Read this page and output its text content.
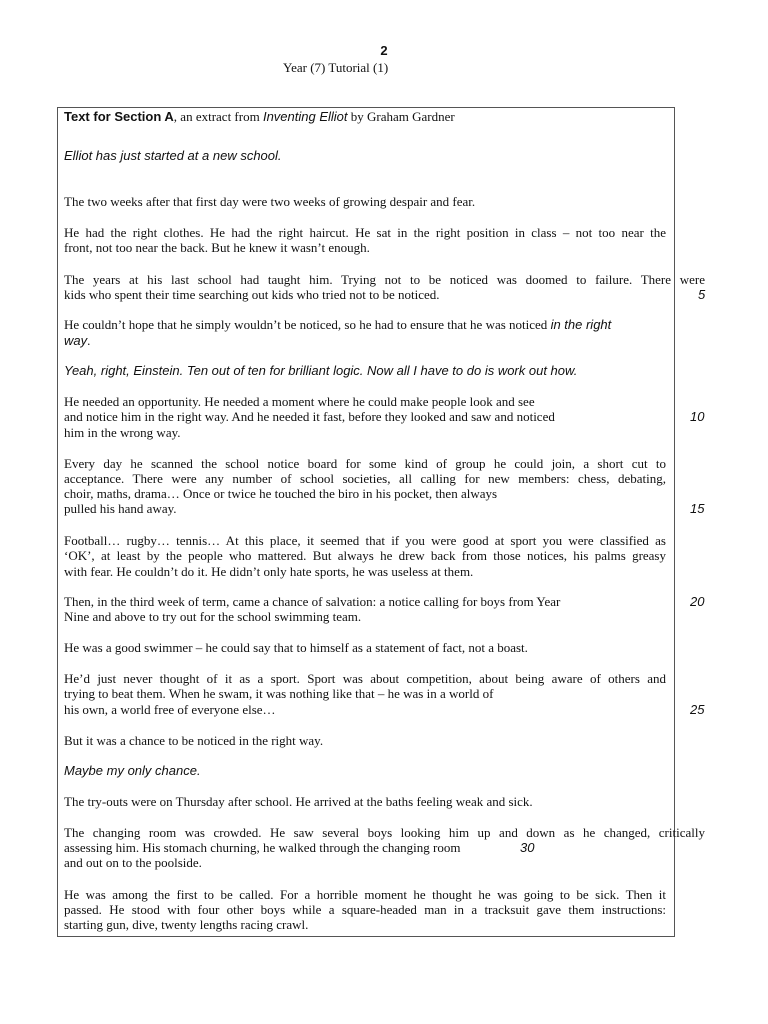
2
Year (7) Tutorial (1)
Text for Section A, an extract from Inventing Elliot by Graham Gardner
Elliot has just started at a new school.
The two weeks after that first day were two weeks of growing despair and fear.
He had the right clothes. He had the right haircut. He sat in the right position in class – not too near the
front, not too near the back. But he knew it wasn’t enough.
The years at his last school had taught him. Trying not to be noticed was doomed to failure. There were
kids who spent their time searching out kids who tried not to be noticed.	5
He couldn’t hope that he simply wouldn’t be noticed, so he had to ensure that he was noticed in the right
way.
Yeah, right, Einstein. Ten out of ten for brilliant logic. Now all I have to do is work out how.
He needed an opportunity. He needed a moment where he could make people look and see
and notice him in the right way. And he needed it fast, before they looked and saw and noticed	10
him in the wrong way.
Every day he scanned the school notice board for some kind of group he could join, a short cut to
acceptance. There were any number of school societies, all calling for new members: chess, debating,
choir, maths, drama… Once or twice he touched the biro in his pocket, then always
pulled his hand away.	15
Football… rugby… tennis… At this place, it seemed that if you were good at sport you were classified as
‘OK’, at least by the people who mattered. But always he drew back from those notices, his palms greasy
with fear. He couldn’t do it. He didn’t only hate sports, he was useless at them.
Then, in the third week of term, came a chance of salvation: a notice calling for boys from Year	20
Nine and above to try out for the school swimming team.
He was a good swimmer – he could say that to himself as a statement of fact, not a boast.
He’d just never thought of it as a sport. Sport was about competition, about being aware of others and
trying to beat them. When he swam, it was nothing like that – he was in a world of
his own, a world free of everyone else…	25
But it was a chance to be noticed in the right way.
Maybe my only chance.
The try-outs were on Thursday after school. He arrived at the baths feeling weak and sick.
The changing room was crowded. He saw several boys looking him up and down as he changed, critically
assessing him. His stomach churning, he walked through the changing room	30
and out on to the poolside.
He was among the first to be called. For a horrible moment he thought he was going to be sick. Then it
passed. He stood with four other boys while a square-headed man in a tracksuit gave them instructions:
starting gun, dive, twenty lengths racing crawl.
